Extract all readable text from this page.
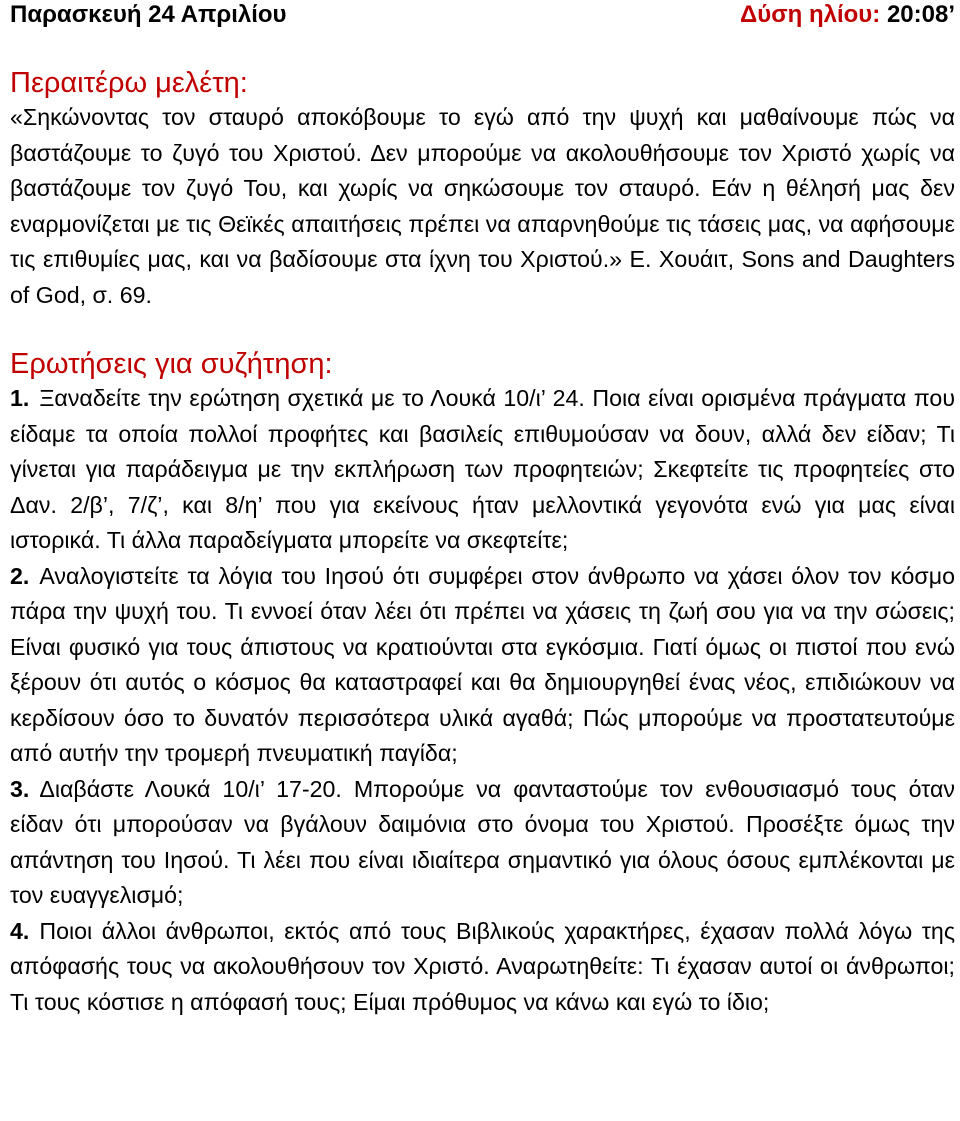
Παρασκευή 24 Απριλίου	Δύση ηλίου: 20:08’
Περαιτέρω μελέτη:

«Σηκώνοντας τον σταυρό αποκόβουμε το εγώ από την ψυχή και μαθαίνουμε πώς να βαστάζουμε το ζυγό του Χριστού. Δεν μπορούμε να ακολουθήσουμε τον Χριστό χωρίς να βαστάζουμε τον ζυγό Του, και χωρίς να σηκώσουμε τον σταυρό. Εάν η θέλησή μας δεν εναρμονίζεται με τις Θεϊκές απαιτήσεις πρέπει να απαρνηθούμε τις τάσεις μας, να αφήσουμε τις επιθυμίες μας, και να βαδίσουμε στα ίχνη του Χριστού.» Ε. Χουάιτ, Sons and Daughters of God, σ. 69.

Ερωτήσεις για συζήτηση:

1. Ξαναδείτε την ερώτηση σχετικά με το Λουκά 10/ι’ 24. Ποια είναι ορισμένα πράγματα που είδαμε τα οποία πολλοί προφήτες και βασιλείς επιθυμούσαν να δουν, αλλά δεν είδαν; Τι γίνεται για παράδειγμα με την εκπλήρωση των προφητειών; Σκεφτείτε τις προφητείες στο Δαν. 2/β’, 7/ζ’, και 8/η’ που για εκείνους ήταν μελλοντικά γεγονότα ενώ για μας είναι ιστορικά. Τι άλλα παραδείγματα μπορείτε να σκεφτείτε;

2. Αναλογιστείτε τα λόγια του Ιησού ότι συμφέρει στον άνθρωπο να χάσει όλον τον κόσμο πάρα την ψυχή του. Τι εννοεί όταν λέει ότι πρέπει να χάσεις τη ζωή σου για να την σώσεις; Είναι φυσικό για τους άπιστους να κρατιούνται στα εγκόσμια. Γιατί όμως οι πιστοί που ενώ ξέρουν ότι αυτός ο κόσμος θα καταστραφεί και θα δημιουργηθεί ένας νέος, επιδιώκουν να κερδίσουν όσο το δυνατόν περισσότερα υλικά αγαθά; Πώς μπορούμε να προστατευτούμε από αυτήν την τρομερή πνευματική παγίδα;

3. Διαβάστε Λουκά 10/ι’ 17-20. Μπορούμε να φανταστούμε τον ενθουσιασμό τους όταν είδαν ότι μπορούσαν να βγάλουν δαιμόνια στο όνομα του Χριστού. Προσέξτε όμως την απάντηση του Ιησού. Τι λέει που είναι ιδιαίτερα σημαντικό για όλους όσους εμπλέκονται με τον ευαγγελισμό;

4. Ποιοι άλλοι άνθρωποι, εκτός από τους Βιβλικούς χαρακτήρες, έχασαν πολλά λόγω της απόφασής τους να ακολουθήσουν τον Χριστό. Αναρωτηθείτε: Τι έχασαν αυτοί οι άνθρωποι; Τι τους κόστισε η απόφασή τους; Είμαι πρόθυμος να κάνω και εγώ το ίδιο;
